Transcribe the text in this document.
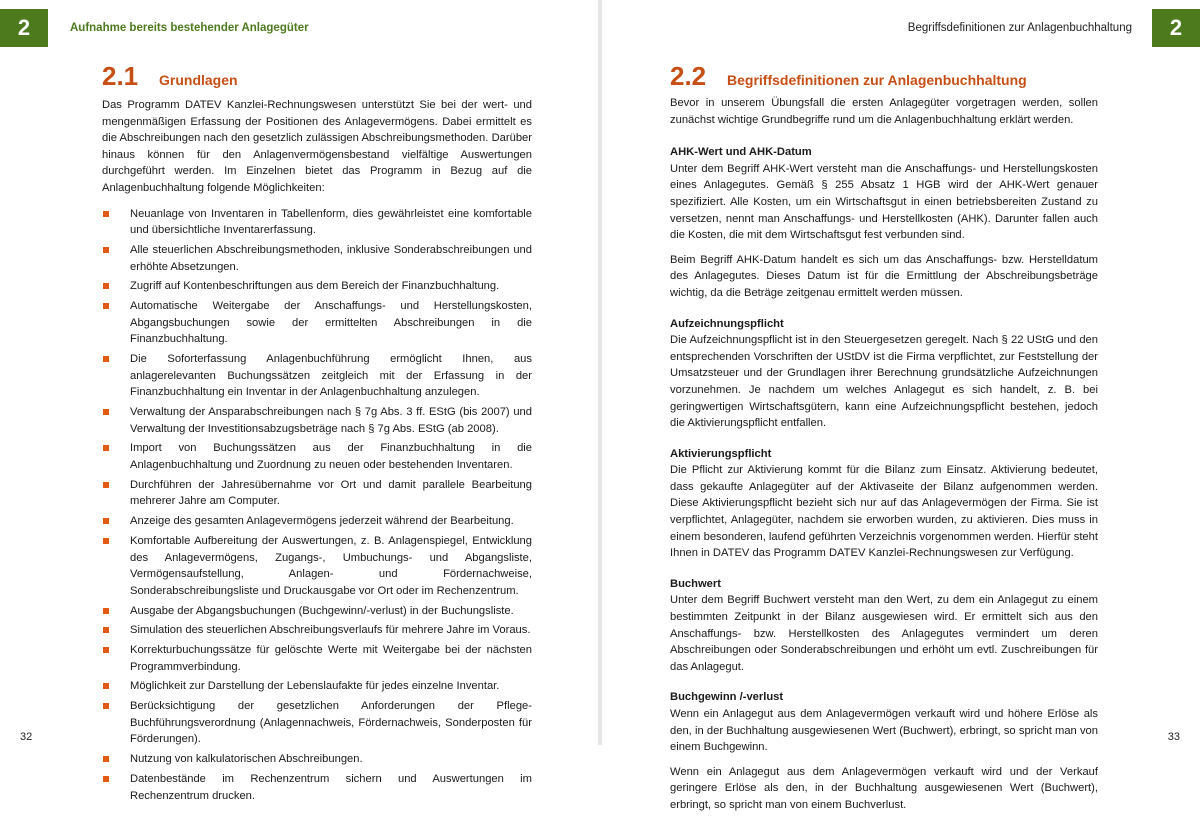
2	Aufnahme bereits bestehender Anlagegüter
2.1	Grundlagen

Das Programm DATEV Kanzlei-Rechnungswesen unterstützt Sie bei der wert- und mengenmäßigen Erfassung der Positionen des Anlagevermögens. Dabei ermittelt es die Abschreibungen nach den gesetzlich zulässigen Abschreibungsmethoden. Darüber hinaus können für den Anlagenvermögensbestand vielfältige Auswertungen durchgeführt werden. Im Einzelnen bietet das Programm in Bezug auf die Anlagenbuchhaltung folgende Möglichkeiten:

Neuanlage von Inventaren in Tabellenform, dies gewährleistet eine komfortable und übersichtliche Inventarerfassung.
Alle steuerlichen Abschreibungsmethoden, inklusive Sonderabschreibungen und erhöhte Absetzungen.
Zugriff auf Kontenbeschriftungen aus dem Bereich der Finanzbuchhaltung.
Automatische Weitergabe der Anschaffungs- und Herstellungskosten, Abgangsbuchungen sowie der ermittelten Abschreibungen in die Finanzbuchhaltung.
Die Soforterfassung Anlagenbuchführung ermöglicht Ihnen, aus anlagerelevanten Buchungssätzen zeitgleich mit der Erfassung in der Finanzbuchhaltung ein Inventar in der Anlagenbuchhaltung anzulegen.
Verwaltung der Ansparabschreibungen nach § 7g Abs. 3 ff. EStG (bis 2007) und Verwaltung der Investitionsabzugsbeträge nach § 7g Abs. EStG (ab 2008).
Import von Buchungssätzen aus der Finanzbuchhaltung in die Anlagenbuchhaltung und Zuordnung zu neuen oder bestehenden Inventaren.
Durchführen der Jahresübernahme vor Ort und damit parallele Bearbeitung mehrerer Jahre am Computer.
Anzeige des gesamten Anlagevermögens jederzeit während der Bearbeitung.
Komfortable Aufbereitung der Auswertungen, z. B. Anlagenspiegel, Entwicklung des Anlagevermögens, Zugangs-, Umbuchungs- und Abgangsliste, Vermögensaufstellung, Anlagen- und Fördernachweise, Sonderabschreibungsliste und Druckausgabe vor Ort oder im Rechenzentrum.
Ausgabe der Abgangsbuchungen (Buchgewinn/-verlust) in der Buchungsliste.
Simulation des steuerlichen Abschreibungsverlaufs für mehrere Jahre im Voraus.
Korrekturbuchungssätze für gelöschte Werte mit Weitergabe bei der nächsten Programmverbindung.
Möglichkeit zur Darstellung der Lebenslaufakte für jedes einzelne Inventar.
Berücksichtigung der gesetzlichen Anforderungen der Pflege-Buchführungsverordnung (Anlagennachweis, Fördernachweis, Sonderposten für Förderungen).
Nutzung von kalkulatorischen Abschreibungen.
Datenbestände im Rechenzentrum sichern und Auswertungen im Rechenzentrum drucken.
32
2
Begriffsdefinitionen zur Anlagenbuchhaltung
2.2	Begriffsdefinitionen zur Anlagenbuchhaltung

Bevor in unserem Übungsfall die ersten Anlagegüter vorgetragen werden, sollen zunächst wichtige Grundbegriffe rund um die Anlagenbuchhaltung erklärt werden.

AHK-Wert und AHK-Datum

Unter dem Begriff AHK-Wert versteht man die Anschaffungs- und Herstellungskosten eines Anlagegutes. Gemäß § 255 Absatz 1 HGB wird der AHK-Wert genauer spezifiziert. Alle Kosten, um ein Wirtschaftsgut in einen betriebsbereiten Zustand zu versetzen, nennt man Anschaffungs- und Herstellkosten (AHK). Darunter fallen auch die Kosten, die mit dem Wirtschaftsgut fest verbunden sind.

Beim Begriff AHK-Datum handelt es sich um das Anschaffungs- bzw. Herstelldatum des Anlagegutes. Dieses Datum ist für die Ermittlung der Abschreibungsbeträge wichtig, da die Beträge zeitgenau ermittelt werden müssen.

Aufzeichnungspflicht

Die Aufzeichnungspflicht ist in den Steuergesetzen geregelt. Nach § 22 UStG und den entsprechenden Vorschriften der UStDV ist die Firma verpflichtet, zur Feststellung der Umsatzsteuer und der Grundlagen ihrer Berechnung grundsätzliche Aufzeichnungen vorzunehmen. Je nachdem um welches Anlagegut es sich handelt, z. B. bei geringwertigen Wirtschaftsgütern, kann eine Aufzeichnungspflicht bestehen, jedoch die Aktivierungspflicht entfallen.

Aktivierungspflicht

Die Pflicht zur Aktivierung kommt für die Bilanz zum Einsatz. Aktivierung bedeutet, dass gekaufte Anlagegüter auf der Aktivaseite der Bilanz aufgenommen werden. Diese Aktivierungspflicht bezieht sich nur auf das Anlagevermögen der Firma. Sie ist verpflichtet, Anlagegüter, nachdem sie erworben wurden, zu aktivieren. Dies muss in einem besonderen, laufend geführten Verzeichnis vorgenommen werden. Hierfür steht Ihnen in DATEV das Programm DATEV Kanzlei-Rechnungswesen zur Verfügung.

Buchwert

Unter dem Begriff Buchwert versteht man den Wert, zu dem ein Anlagegut zu einem bestimmten Zeitpunkt in der Bilanz ausgewiesen wird. Er ermittelt sich aus den Anschaffungs- bzw. Herstellkosten des Anlagegutes vermindert um deren Abschreibungen oder Sonderabschreibungen und erhöht um evtl. Zuschreibungen für das Anlagegut.

Buchgewinn /-verlust

Wenn ein Anlagegut aus dem Anlagevermögen verkauft wird und höhere Erlöse als den, in der Buchhaltung ausgewiesenen Wert (Buchwert), erbringt, so spricht man von einem Buchgewinn.

Wenn ein Anlagegut aus dem Anlagevermögen verkauft wird und der Verkauf geringere Erlöse als den, in der Buchhaltung ausgewiesenen Wert (Buchwert), erbringt, so spricht man von einem Buchverlust.

33
